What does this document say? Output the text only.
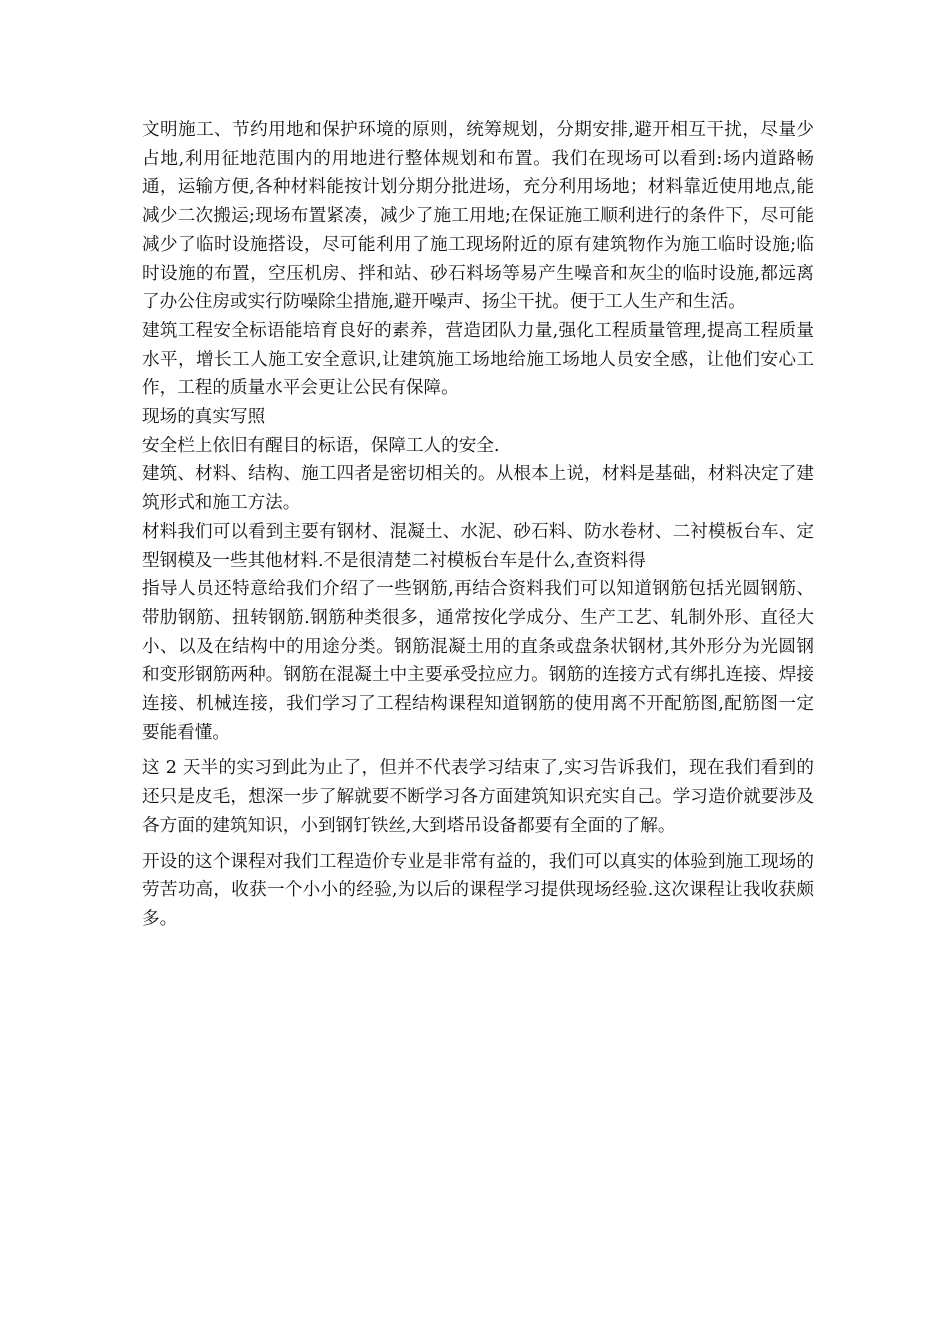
文明施工、节约用地和保护环境的原则，统筹规划，分期安排,避开相互干扰，尽量少占地,利用征地范围内的用地进行整体规划和布置。我们在现场可以看到:场内道路畅通，运输方便,各种材料能按计划分期分批进场，充分利用场地；材料靠近使用地点,能减少二次搬运;现场布置紧凑，减少了施工用地;在保证施工顺利进行的条件下，尽可能减少了临时设施搭设，尽可能利用了施工现场附近的原有建筑物作为施工临时设施;临时设施的布置，空压机房、拌和站、砂石料场等易产生噪音和灰尘的临时设施,都远离了办公住房或实行防噪除尘措施,避开噪声、扬尘干扰。便于工人生产和生活。

建筑工程安全标语能培育良好的素养，营造团队力量,强化工程质量管理,提高工程质量水平，增长工人施工安全意识,让建筑施工场地给施工场地人员安全感，让他们安心工作，工程的质量水平会更让公民有保障。

现场的真实写照

安全栏上依旧有醒目的标语，保障工人的安全.

建筑、材料、结构、施工四者是密切相关的。从根本上说，材料是基础，材料决定了建筑形式和施工方法。

材料我们可以看到主要有钢材、混凝土、水泥、砂石料、防水卷材、二衬模板台车、定型钢模及一些其他材料.不是很清楚二衬模板台车是什么,查资料得

指导人员还特意给我们介绍了一些钢筋,再结合资料我们可以知道钢筋包括光圆钢筋、带肋钢筋、扭转钢筋.钢筋种类很多，通常按化学成分、生产工艺、轧制外形、直径大小、以及在结构中的用途分类。钢筋混凝土用的直条或盘条状钢材,其外形分为光圆钢和变形钢筋两种。钢筋在混凝土中主要承受拉应力。钢筋的连接方式有绑扎连接、焊接连接、机械连接，我们学习了工程结构课程知道钢筋的使用离不开配筋图,配筋图一定要能看懂。

这 2 天半的实习到此为止了，但并不代表学习结束了,实习告诉我们，现在我们看到的还只是皮毛，想深一步了解就要不断学习各方面建筑知识充实自己。学习造价就要涉及各方面的建筑知识，小到钢钉铁丝,大到塔吊设备都要有全面的了解。

开设的这个课程对我们工程造价专业是非常有益的，我们可以真实的体验到施工现场的劳苦功高，收获一个小小的经验,为以后的课程学习提供现场经验.这次课程让我收获颇多。
